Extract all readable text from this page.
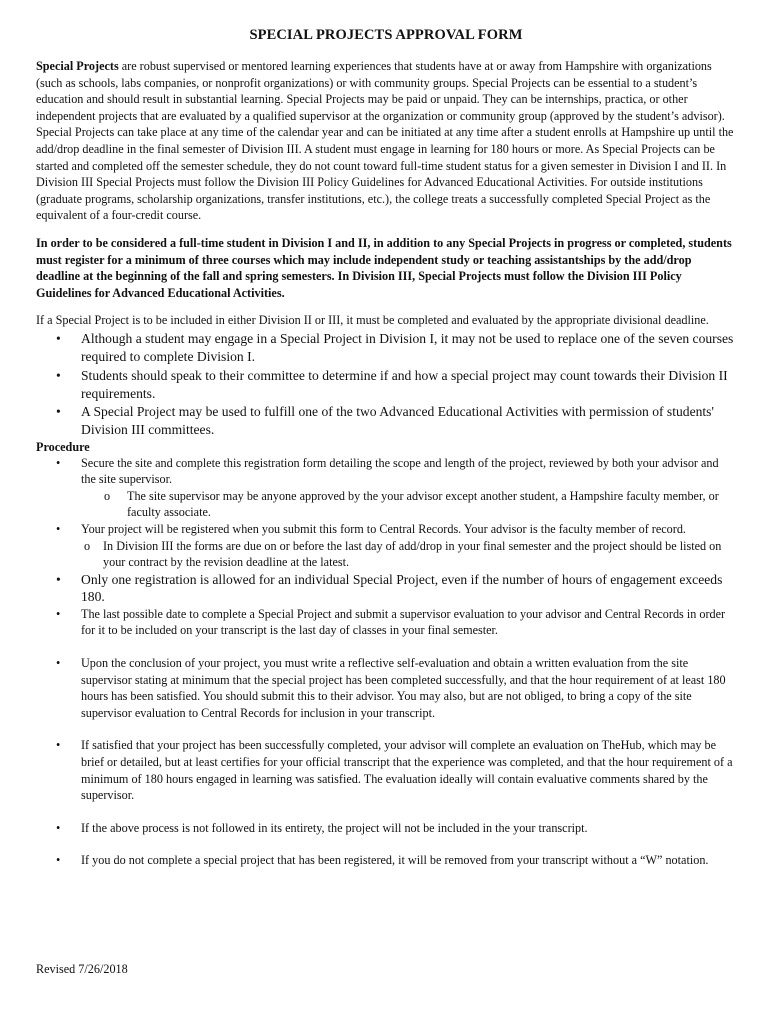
SPECIAL PROJECTS APPROVAL FORM

Special Projects are robust supervised or mentored learning experiences that students have at or away from Hampshire with organizations (such as schools, labs companies, or nonprofit organizations) or with community groups. Special Projects can be essential to a student’s education and should result in substantial learning. Special Projects may be paid or unpaid. They can be internships, practica, or other independent projects that are evaluated by a qualified supervisor at the organization or community group (approved by the student’s advisor). Special Projects can take place at any time of the calendar year and can be initiated at any time after a student enrolls at Hampshire up until the add/drop deadline in the final semester of Division III. A student must engage in learning for 180 hours or more. As Special Projects can be started and completed off the semester schedule, they do not count toward full-time student status for a given semester in Division I and II. In Division III Special Projects must follow the Division III Policy Guidelines for Advanced Educational Activities. For outside institutions (graduate programs, scholarship organizations, transfer institutions, etc.), the college treats a successfully completed Special Project as the equivalent of a four-credit course.

In order to be considered a full-time student in Division I and II, in addition to any Special Projects in progress or completed, students must register for a minimum of three courses which may include independent study or teaching assistantships by the add/drop deadline at the beginning of the fall and spring semesters. In Division III, Special Projects must follow the Division III Policy Guidelines for Advanced Educational Activities.

If a Special Project is to be included in either Division II or III, it must be completed and evaluated by the appropriate divisional deadline.

• Although a student may engage in a Special Project in Division I, it may not be used to replace one of the seven courses required to complete Division I.
• Students should speak to their committee to determine if and how a special project may count towards their Division II requirements.
• A Special Project may be used to fulfill one of the two Advanced Educational Activities with permission of students' Division III committees.
Procedure
• Secure the site and complete this registration form detailing the scope and length of the project, reviewed by both your advisor and the site supervisor.
o The site supervisor may be anyone approved by the your advisor except another student, a Hampshire faculty member, or faculty associate.
• Your project will be registered when you submit this form to Central Records. Your advisor is the faculty member of record.
o In Division III the forms are due on or before the last day of add/drop in your final semester and the project should be listed on your contract by the revision deadline at the latest.
• Only one registration is allowed for an individual Special Project, even if the number of hours of engagement exceeds 180.
• The last possible date to complete a Special Project and submit a supervisor evaluation to your advisor and Central Records in order for it to be included on your transcript is the last day of classes in your final semester.
• Upon the conclusion of your project, you must write a reflective self-evaluation and obtain a written evaluation from the site supervisor stating at minimum that the special project has been completed successfully, and that the hour requirement of at least 180 hours has been satisfied. You should submit this to their advisor. You may also, but are not obliged, to bring a copy of the site supervisor evaluation to Central Records for inclusion in your transcript.
• If satisfied that your project has been successfully completed, your advisor will complete an evaluation on TheHub, which may be brief or detailed, but at least certifies for your official transcript that the experience was completed, and that the hour requirement of a minimum of 180 hours engaged in learning was satisfied. The evaluation ideally will contain evaluative comments shared by the supervisor.
• If the above process is not followed in its entirety, the project will not be included in the your transcript.
• If you do not complete a special project that has been registered, it will be removed from your transcript without a “W” notation.
Revised 7/26/2018
